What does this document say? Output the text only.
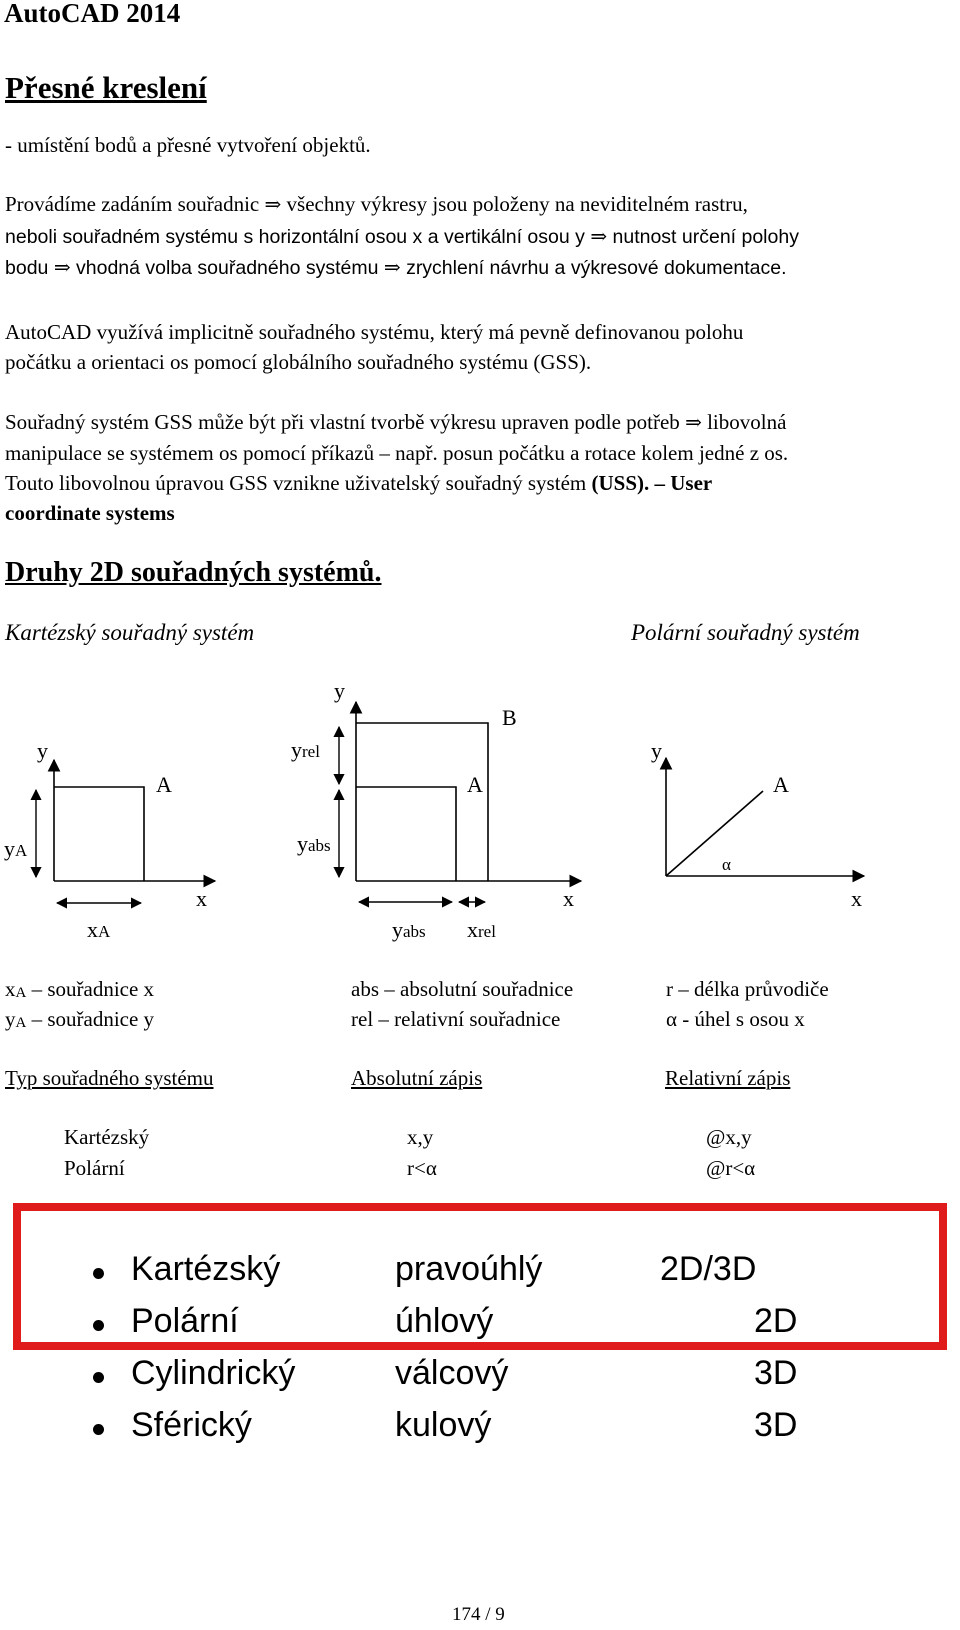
AutoCAD 2014
Přesné kreslení
- umístění bodů a přesné vytvoření objektů.
Provádíme zadáním souřadnic ⇒ všechny výkresy jsou položeny na neviditelném rastru,
neboli souřadném systému s horizontální osou x a vertikální osou y ⇒ nutnost určení polohy
bodu ⇒ vhodná volba souřadného systému ⇒ zrychlení návrhu a výkresové dokumentace.
AutoCAD využívá implicitně souřadného systému, který má pevně definovanou polohu
počátku a orientaci os pomocí globálního souřadného systému (GSS).
Souřadný systém GSS může být při vlastní tvorbě výkresu upraven podle potřeb ⇒ libovolná
manipulace se systémem os pomocí příkazů – např. posun počátku a rotace kolem jedné z os.
Touto libovolnou úpravou GSS vznikne uživatelský souřadný systém (USS). – User
coordinate systems
Druhy 2D souřadných systémů.
Kartézský souřadný systém	Polární souřadný systém
y
A
yA
x
xA
y
B
yrel
A
yabs
x
yabs xrel
y
A
α
x
$x_A$ – souřadnice x
$y_A$ – souřadnice y
abs – absolutní souřadnice
rel – relativní souřadnice
r – délka průvodiče
α - úhel s osou x
Typ souřadného systému	Absolutní zápis	Relativní zápis
Kartézský	x,y	@x,y
Polární	r<α	@r<α
Kartézský	pravoúhlý	2D/3D
Polární	úhlový	2D
Cylindrický	válcový	3D
Sférický	kulový	3D
174 / 9
